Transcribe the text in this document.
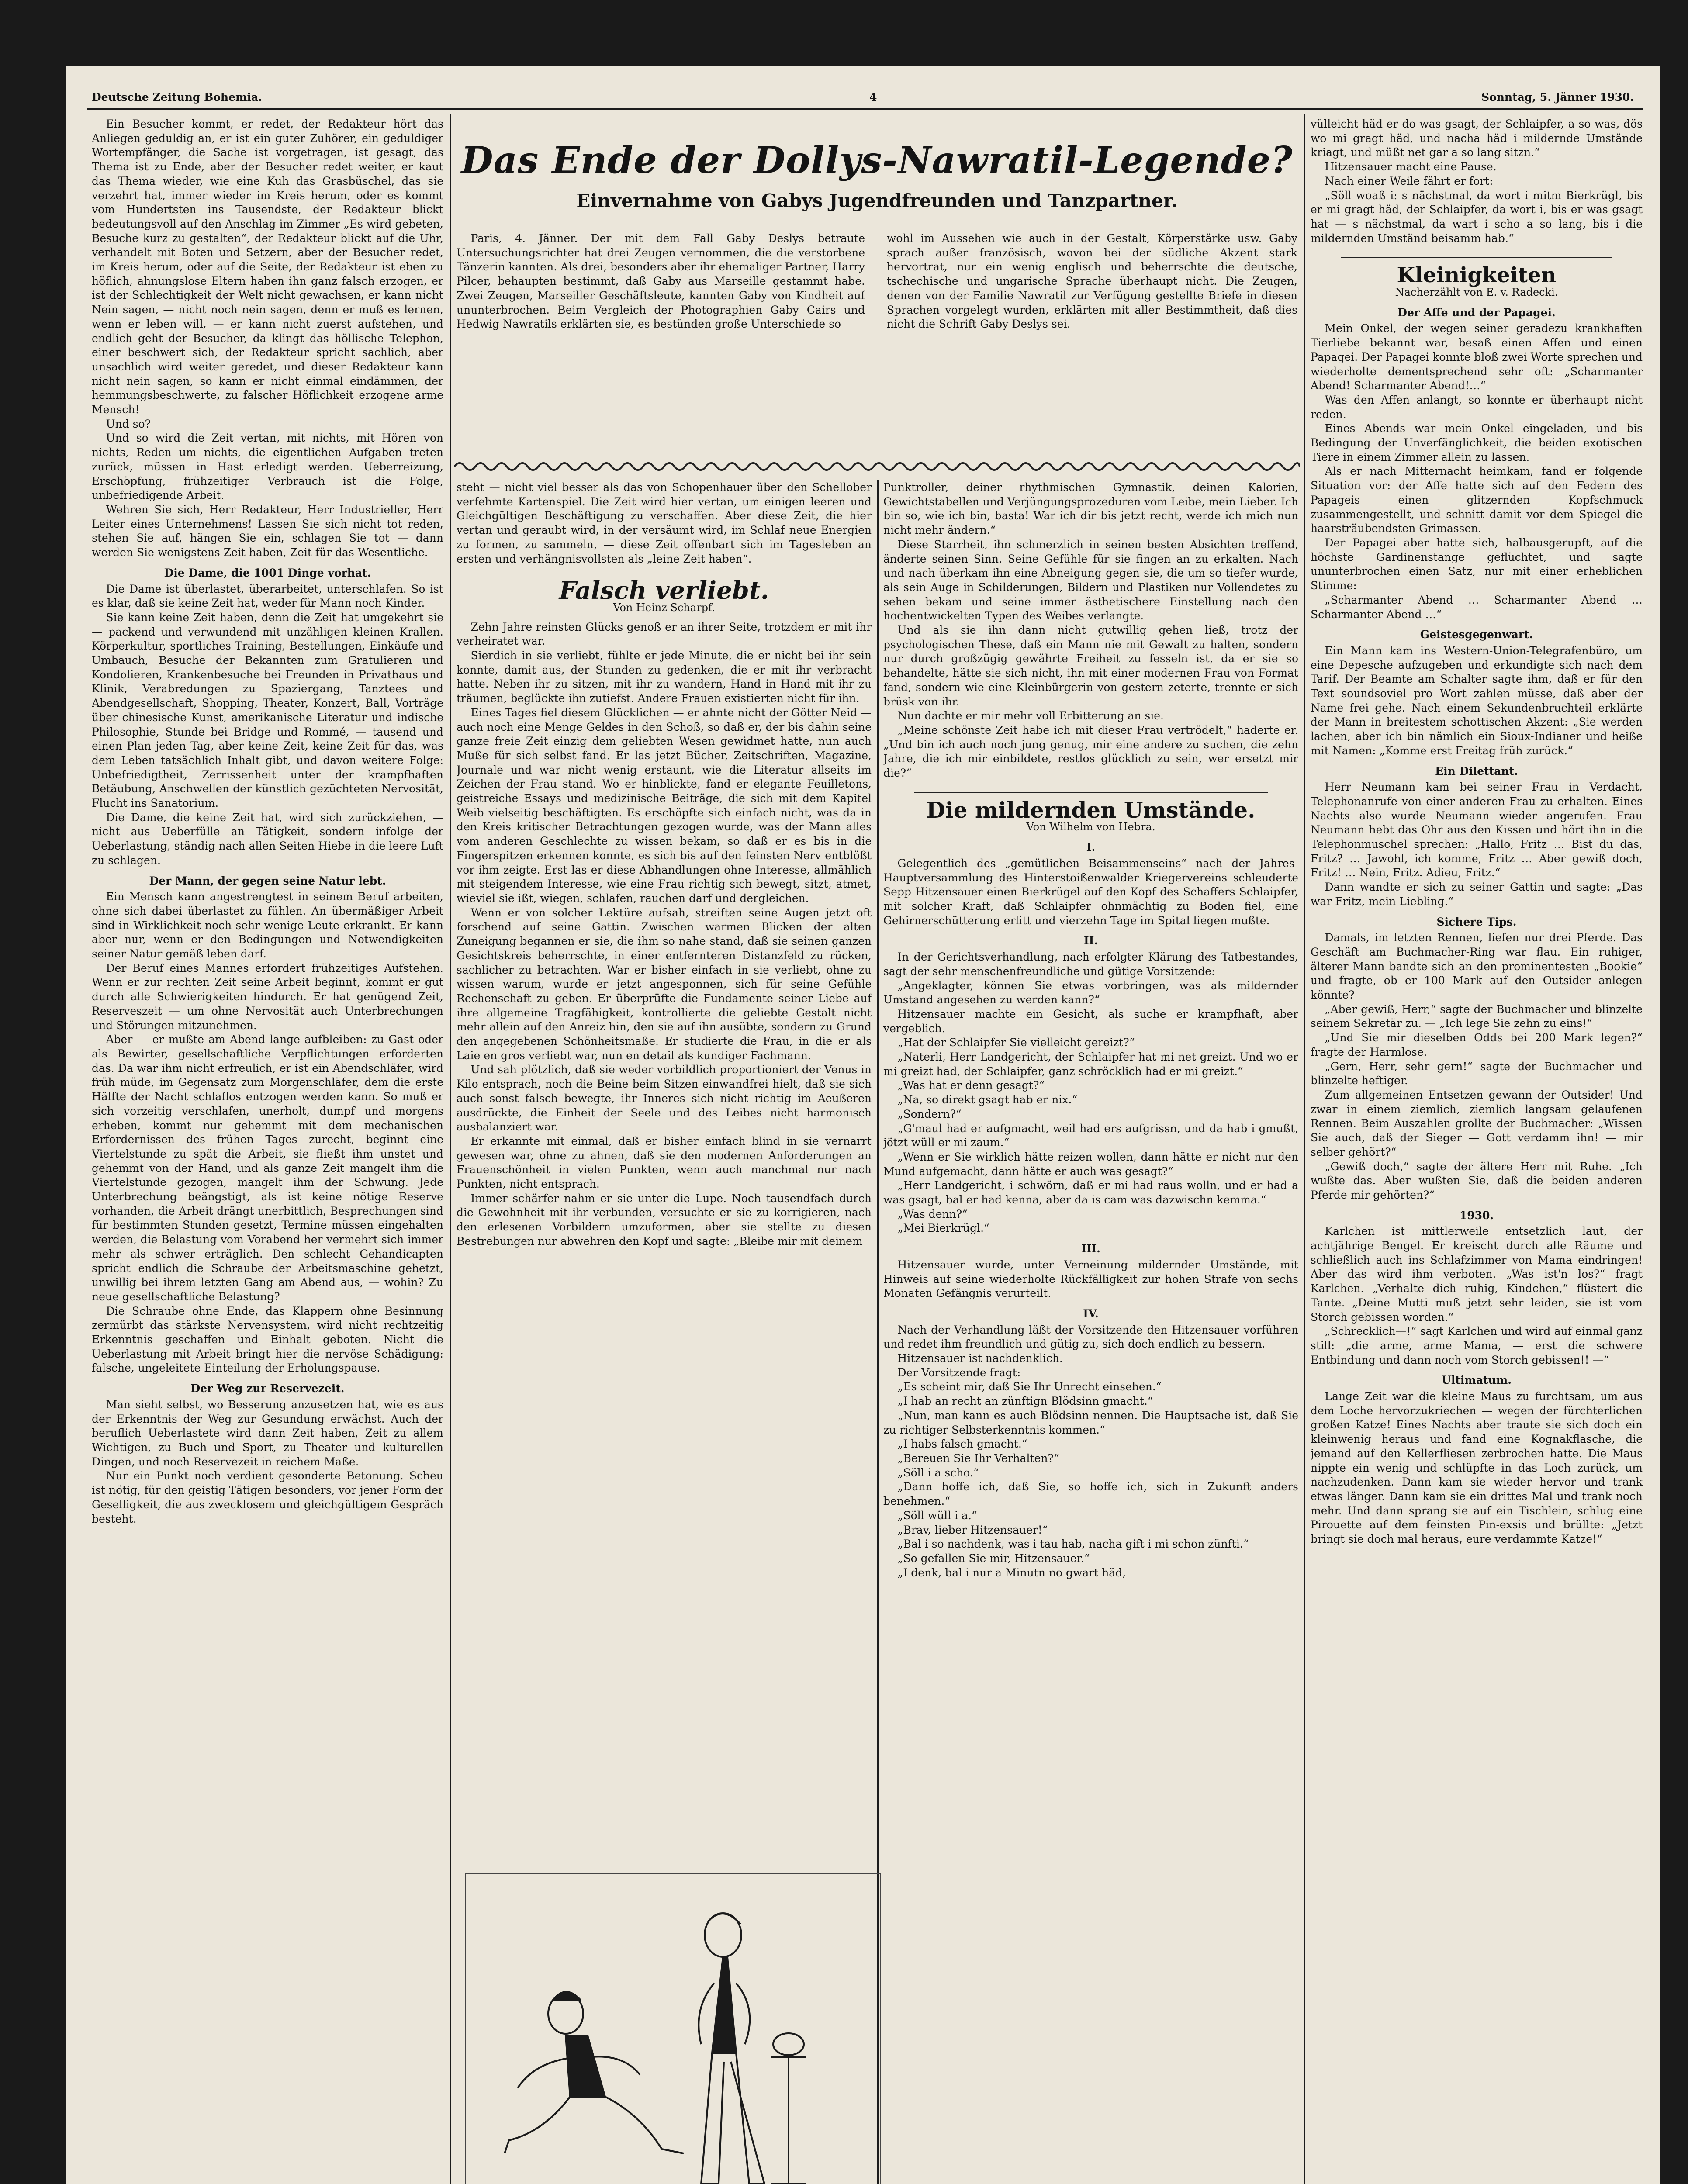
Deutsche Zeitung Bohemia.	4	Sonntag, 5. Jänner 1930.

Ein Besucher kommt, er redet, der Redakteur hört das Anliegen geduldig an, er ist ein guter Zuhörer, ein geduldiger Wortempfänger, die Sache ist vorgetragen, ist gesagt, das Thema ist zu Ende, aber der Besucher redet weiter, er kaut das Thema wieder, wie eine Kuh das Grasbüschel, das sie verzehrt hat, immer wieder im Kreis herum, oder es kommt vom Hundertsten ins Tausendste, der Redakteur blickt bedeutungsvoll auf den Anschlag im Zimmer „Es wird gebeten, Besuche kurz zu gestalten“, der Redakteur blickt auf die Uhr, verhandelt mit Boten und Setzern, aber der Besucher redet, im Kreis herum, oder auf die Seite, der Redakteur ist eben zu höflich, ahnungslose Eltern haben ihn ganz falsch erzogen, er ist der Schlechtigkeit der Welt nicht gewachsen, er kann nicht Nein sagen, — nicht noch nein sagen, denn er muß es lernen, wenn er leben will, — er kann nicht zuerst aufstehen, und endlich geht der Besucher, da klingt das höllische Telephon, einer beschwert sich, der Redakteur spricht sachlich, aber unsachlich wird weiter geredet, und dieser Redakteur kann nicht nein sagen, so kann er nicht einmal eindämmen, der hemmungsbeschwerte, zu falscher Höflichkeit erzogene arme Mensch!

Und so?

Und so wird die Zeit vertan, mit nichts, mit Hören von nichts, Reden um nichts, die eigentlichen Aufgaben treten zurück, müssen in Hast erledigt werden. Ueberreizung, Erschöpfung, frühzeitiger Verbrauch ist die Folge, unbefriedigende Arbeit.

Wehren Sie sich, Herr Redakteur, Herr Industrieller, Herr Leiter eines Unternehmens! Lassen Sie sich nicht tot reden, stehen Sie auf, hängen Sie ein, schlagen Sie tot — dann werden Sie wenigstens Zeit haben, Zeit für das Wesentliche.

Die Dame, die 1001 Dinge vorhat.

Die Dame ist überlastet, überarbeitet, unterschlafen. So ist es klar, daß sie keine Zeit hat, weder für Mann noch Kinder.

Sie kann keine Zeit haben, denn die Zeit hat umgekehrt sie — packend und verwundend mit unzähligen kleinen Krallen. Körperkultur, sportliches Training, Bestellungen, Einkäufe und Umbauch, Besuche der Bekannten zum Gratulieren und Kondolieren, Krankenbesuche bei Freunden in Privathaus und Klinik, Verabredungen zu Spaziergang, Tanztees und Abendgesellschaft, Shopping, Theater, Konzert, Ball, Vorträge über chinesische Kunst, amerikanische Literatur und indische Philosophie, Stunde bei Bridge und Rommé, — tausend und einen Plan jeden Tag, aber keine Zeit, keine Zeit für das, was dem Leben tatsächlich Inhalt gibt, und davon weitere Folge: Unbefriedigtheit, Zerrissenheit unter der krampfhaften Betäubung, Anschwellen der künstlich gezüchteten Nervosität, Flucht ins Sanatorium.

Die Dame, die keine Zeit hat, wird sich zurückziehen, — nicht aus Ueberfülle an Tätigkeit, sondern infolge der Ueberlastung, ständig nach allen Seiten Hiebe in die leere Luft zu schlagen.

Der Mann, der gegen seine Natur lebt.

Ein Mensch kann angestrengtest in seinem Beruf arbeiten, ohne sich dabei überlastet zu fühlen. An übermäßiger Arbeit sind in Wirklichkeit noch sehr wenige Leute erkrankt. Er kann aber nur, wenn er den Bedingungen und Notwendigkeiten seiner Natur gemäß leben darf.

Der Beruf eines Mannes erfordert frühzeitiges Aufstehen. Wenn er zur rechten Zeit seine Arbeit beginnt, kommt er gut durch alle Schwierigkeiten hindurch. Er hat genügend Zeit, Reserveszeit — um ohne Nervosität auch Unterbrechungen und Störungen mitzunehmen.

Aber — er mußte am Abend lange aufbleiben: zu Gast oder als Bewirter, gesellschaftliche Verpflichtungen erforderten das. Da war ihm nicht erfreulich, er ist ein Abendschläfer, wird früh müde, im Gegensatz zum Morgenschläfer, dem die erste Hälfte der Nacht schlaflos entzogen werden kann. So muß er sich vorzeitig verschlafen, unerholt, dumpf und morgens erheben, kommt nur gehemmt mit dem mechanischen Erfordernissen des frühen Tages zurecht, beginnt eine Viertelstunde zu spät die Arbeit, sie fließt ihm unstet und gehemmt von der Hand, und als ganze Zeit mangelt ihm die Viertelstunde gezogen, mangelt ihm der Schwung. Jede Unterbrechung beängstigt, als ist keine nötige Reserve vorhanden, die Arbeit drängt unerbittlich, Besprechungen sind für bestimmten Stunden gesetzt, Termine müssen eingehalten werden, die Belastung vom Vorabend her vermehrt sich immer mehr als schwer erträglich. Den schlecht Gehandicapten spricht endlich die Schraube der Arbeitsmaschine gehetzt, unwillig bei ihrem letzten Gang am Abend aus, — wohin? Zu neue gesellschaftliche Belastung?

Die Schraube ohne Ende, das Klappern ohne Besinnung zermürbt das stärkste Nervensystem, wird nicht rechtzeitig Erkenntnis geschaffen und Einhalt geboten. Nicht die Ueberlastung mit Arbeit bringt hier die nervöse Schädigung: falsche, ungeleitete Einteilung der Erholungspause.

Der Weg zur Reservezeit.

Man sieht selbst, wo Besserung anzusetzen hat, wie es aus der Erkenntnis der Weg zur Gesundung erwächst. Auch der beruflich Ueberlastete wird dann Zeit haben, Zeit zu allem Wichtigen, zu Buch und Sport, zu Theater und kulturellen Dingen, und noch Reservezeit in reichem Maße.

Nur ein Punkt noch verdient gesonderte Betonung. Scheu ist nötig, für den geistig Tätigen besonders, vor jener Form der Geselligkeit, die aus zwecklosem und gleichgültigem Gespräch besteht.

Das Ende der Dollys-Nawratil-Legende?
Einvernahme von Gabys Jugendfreunden und Tanzpartner.

Paris, 4. Jänner. Der mit dem Fall Gaby Deslys betraute Untersuchungsrichter hat drei Zeugen vernommen, die die verstorbene Tänzerin kannten. Als drei, besonders aber ihr ehemaliger Partner, Harry Pilcer, behaupten bestimmt, daß Gaby aus Marseille gestammt habe. Zwei Zeugen, Marseiller Geschäftsleute, kannten Gaby von Kindheit auf ununterbrochen. Beim Vergleich der Photographien Gaby Cairs und Hedwig Nawratils erklärten sie, es bestünden große Unterschiede so

wohl im Aussehen wie auch in der Gestalt, Körperstärke usw. Gaby sprach außer französisch, wovon bei der südliche Akzent stark hervortrat, nur ein wenig englisch und beherrschte die deutsche, tschechische und ungarische Sprache überhaupt nicht. Die Zeugen, denen von der Familie Nawratil zur Verfügung gestellte Briefe in diesen Sprachen vorgelegt wurden, erklärten mit aller Bestimmtheit, daß dies nicht die Schrift Gaby Deslys sei.

steht — nicht viel besser als das von Schopenhauer über den Schellober verfehmte Kartenspiel. Die Zeit wird hier vertan, um einigen leeren und Gleichgültigen Beschäftigung zu verschaffen. Aber diese Zeit, die hier vertan und geraubt wird, in der versäumt wird, im Schlaf neue Energien zu formen, zu sammeln, — diese Zeit offenbart sich im Tagesleben an ersten und verhängnisvollsten als „leine Zeit haben“.

Falsch verliebt.

Von Heinz Scharpf.

Zehn Jahre reinsten Glücks genoß er an ihrer Seite, trotzdem er mit ihr verheiratet war.

Sierdich in sie verliebt, fühlte er jede Minute, die er nicht bei ihr sein konnte, damit aus, der Stunden zu gedenken, die er mit ihr verbracht hatte. Neben ihr zu sitzen, mit ihr zu wandern, Hand in Hand mit ihr zu träumen, beglückte ihn zutiefst. Andere Frauen existierten nicht für ihn.

Eines Tages fiel diesem Glücklichen — er ahnte nicht der Götter Neid — auch noch eine Menge Geldes in den Schoß, so daß er, der bis dahin seine ganze freie Zeit einzig dem geliebten Wesen gewidmet hatte, nun auch Muße für sich selbst fand. Er las jetzt Bücher, Zeitschriften, Magazine, Journale und war nicht wenig erstaunt, wie die Literatur allseits im Zeichen der Frau stand. Wo er hinblickte, fand er elegante Feuilletons, geistreiche Essays und medizinische Beiträge, die sich mit dem Kapitel Weib vielseitig beschäftigten. Es erschöpfte sich einfach nicht, was da in den Kreis kritischer Betrachtungen gezogen wurde, was der Mann alles vom anderen Geschlechte zu wissen bekam, so daß er es bis in die Fingerspitzen erkennen konnte, es sich bis auf den feinsten Nerv entblößt vor ihm zeigte. Erst las er diese Abhandlungen ohne Interesse, allmählich mit steigendem Interesse, wie eine Frau richtig sich bewegt, sitzt, atmet, wieviel sie ißt, wiegen, schlafen, rauchen darf und dergleichen.

Wenn er von solcher Lektüre aufsah, streiften seine Augen jetzt oft forschend auf seine Gattin. Zwischen warmen Blicken der alten Zuneigung begannen er sie, die ihm so nahe stand, daß sie seinen ganzen Gesichtskreis beherrschte, in einer entfernteren Distanzfeld zu rücken, sachlicher zu betrachten. War er bisher einfach in sie verliebt, ohne zu wissen warum, wurde er jetzt angesponnen, sich für seine Gefühle Rechenschaft zu geben. Er überprüfte die Fundamente seiner Liebe auf ihre allgemeine Tragfähigkeit, kontrollierte die geliebte Gestalt nicht mehr allein auf den Anreiz hin, den sie auf ihn ausübte, sondern zu Grund den angegebenen Schönheitsmaße. Er studierte die Frau, in die er als Laie en gros verliebt war, nun en detail als kundiger Fachmann.

Und sah plötzlich, daß sie weder vorbildlich proportioniert der Venus in Kilo entsprach, noch die Beine beim Sitzen einwandfrei hielt, daß sie sich auch sonst falsch bewegte, ihr Inneres sich nicht richtig im Aeußeren ausdrückte, die Einheit der Seele und des Leibes nicht harmonisch ausbalanziert war.

Er erkannte mit einmal, daß er bisher einfach blind in sie vernarrt gewesen war, ohne zu ahnen, daß sie den modernen Anforderungen an Frauenschönheit in vielen Punkten, wenn auch manchmal nur nach Punkten, nicht entsprach.

Immer schärfer nahm er sie unter die Lupe. Noch tausendfach durch die Gewohnheit mit ihr verbunden, versuchte er sie zu korrigieren, nach den erlesenen Vorbildern umzuformen, aber sie stellte zu diesen Bestrebungen nur abwehren den Kopf und sagte: „Bleibe mir mit deinem

Punktroller, deiner rhythmischen Gymnastik, deinen Kalorien, Gewichtstabellen und Verjüngungsprozeduren vom Leibe, mein Lieber. Ich bin so, wie ich bin, basta! War ich dir bis jetzt recht, werde ich mich nun nicht mehr ändern.“

Diese Starrheit, ihn schmerzlich in seinen besten Absichten treffend, änderte seinen Sinn. Seine Gefühle für sie fingen an zu erkalten. Nach und nach überkam ihn eine Abneigung gegen sie, die um so tiefer wurde, als sein Auge in Schilderungen, Bildern und Plastiken nur Vollendetes zu sehen bekam und seine immer ästhetischere Einstellung nach den hochentwickelten Typen des Weibes verlangte.

Und als sie ihn dann nicht gutwillig gehen ließ, trotz der psychologischen These, daß ein Mann nie mit Gewalt zu halten, sondern nur durch großzügig gewährte Freiheit zu fesseln ist, da er sie so behandelte, hätte sie sich nicht, ihn mit einer modernen Frau von Format fand, sondern wie eine Kleinbürgerin von gestern zeterte, trennte er sich brüsk von ihr.

Nun dachte er mir mehr voll Erbitterung an sie.

„Meine schönste Zeit habe ich mit dieser Frau vertrödelt,“ haderte er. „Und bin ich auch noch jung genug, mir eine andere zu suchen, die zehn Jahre, die ich mir einbildete, restlos glücklich zu sein, wer ersetzt mir die?“

Die mildernden Umstände.

Von Wilhelm von Hebra.

I.

Gelegentlich des „gemütlichen Beisammenseins“ nach der Jahres-Hauptversammlung des Hinterstoißenwalder Kriegervereins schleuderte Sepp Hitzensauer einen Bierkrügel auf den Kopf des Schaffers Schlaipfer, mit solcher Kraft, daß Schlaipfer ohnmächtig zu Boden fiel, eine Gehirnerschütterung erlitt und vierzehn Tage im Spital liegen mußte.

II.

In der Gerichtsverhandlung, nach erfolgter Klärung des Tatbestandes, sagt der sehr menschenfreundliche und gütige Vorsitzende:

„Angeklagter, können Sie etwas vorbringen, was als mildernder Umstand angesehen zu werden kann?“

Hitzensauer machte ein Gesicht, als suche er krampfhaft, aber vergeblich.

„Hat der Schlaipfer Sie vielleicht gereizt?“

„Naterli, Herr Landgericht, der Schlaipfer hat mi net greizt. Und wo er mi greizt had, der Schlaipfer, ganz schröcklich had er mi greizt.“

„Was hat er denn gesagt?“

„Na, so direkt gsagt hab er nix.“

„Sondern?“

„G'maul had er aufgmacht, weil had ers aufgrissn, und da hab i gmußt, jötzt wüll er mi zaum.“

„Wenn er Sie wirklich hätte reizen wollen, dann hätte er nicht nur den Mund aufgemacht, dann hätte er auch was gesagt?“

„Herr Landgericht, i schwörn, daß er mi had raus wolln, und er had a was gsagt, bal er had kenna, aber da is cam was dazwischn kemma.“

„Was denn?“

„Mei Bierkrügl.“

III.

Hitzensauer wurde, unter Verneinung mildernder Umstände, mit Hinweis auf seine wiederholte Rückfälligkeit zur hohen Strafe von sechs Monaten Gefängnis verurteilt.

IV.

Nach der Verhandlung läßt der Vorsitzende den Hitzensauer vorführen und redet ihm freundlich und gütig zu, sich doch endlich zu bessern.

Hitzensauer ist nachdenklich.

Der Vorsitzende fragt:

„Es scheint mir, daß Sie Ihr Unrecht einsehen.“

„I hab an recht an zünftign Blödsinn gmacht.“

„Nun, man kann es auch Blödsinn nennen. Die Hauptsache ist, daß Sie zu richtiger Selbsterkenntnis kommen.“

„I habs falsch gmacht.“

„Bereuen Sie Ihr Verhalten?“

„Söll i a scho.“

„Dann hoffe ich, daß Sie, so hoffe ich, sich in Zukunft anders benehmen.“

„Söll wüll i a.“

„Brav, lieber Hitzensauer!“

„Bal i so nachdenk, was i tau hab, nacha gift i mi schon zünfti.“

„So gefallen Sie mir, Hitzensauer.“

„I denk, bal i nur a Minutn no gwart häd,

vülleicht häd er do was gsagt, der Schlaipfer, a so was, dös wo mi gragt häd, und nacha häd i mildernde Umstände kriagt, und müßt net gar a so lang sitzn.“

Hitzensauer macht eine Pause.

Nach einer Weile fährt er fort:

„Söll woaß i: s nächstmal, da wort i mitm Bierkrügl, bis er mi gragt häd, der Schlaipfer, da wort i, bis er was gsagt hat — s nächstmal, da wart i scho a so lang, bis i die mildernden Umständ beisamm hab.“

Kleinigkeiten

Nacherzählt von E. v. Radecki.

Der Affe und der Papagei.

Mein Onkel, der wegen seiner geradezu krankhaften Tierliebe bekannt war, besaß einen Affen und einen Papagei. Der Papagei konnte bloß zwei Worte sprechen und wiederholte dementsprechend sehr oft: „Scharmanter Abend! Scharmanter Abend!…“

Was den Affen anlangt, so konnte er überhaupt nicht reden.

Eines Abends war mein Onkel eingeladen, und bis Bedingung der Unverfänglichkeit, die beiden exotischen Tiere in einem Zimmer allein zu lassen.

Als er nach Mitternacht heimkam, fand er folgende Situation vor: der Affe hatte sich auf den Federn des Papageis einen glitzernden Kopfschmuck zusammengestellt, und schnitt damit vor dem Spiegel die haarsträubendsten Grimassen.

Der Papagei aber hatte sich, halbausgerupft, auf die höchste Gardinenstange geflüchtet, und sagte ununterbrochen einen Satz, nur mit einer erheblichen Stimme:

„Scharmanter Abend … Scharmanter Abend … Scharmanter Abend …“

Geistesgegenwart.

Ein Mann kam ins Western-Union-Telegrafenbüro, um eine Depesche aufzugeben und erkundigte sich nach dem Tarif. Der Beamte am Schalter sagte ihm, daß er für den Text soundsoviel pro Wort zahlen müsse, daß aber der Name frei gehe. Nach einem Sekundenbruchteil erklärte der Mann in breitestem schottischen Akzent: „Sie werden lachen, aber ich bin nämlich ein Sioux-Indianer und heiße mit Namen: „Komme erst Freitag früh zurück.“

Ein Dilettant.

Herr Neumann kam bei seiner Frau in Verdacht, Telephonanrufe von einer anderen Frau zu erhalten. Eines Nachts also wurde Neumann wieder angerufen. Frau Neumann hebt das Ohr aus den Kissen und hört ihn in die Telephonmuschel sprechen: „Hallo, Fritz … Bist du das, Fritz? … Jawohl, ich komme, Fritz … Aber gewiß doch, Fritz! … Nein, Fritz. Adieu, Fritz.“

Dann wandte er sich zu seiner Gattin und sagte: „Das war Fritz, mein Liebling.“

Sichere Tips.

Damals, im letzten Rennen, liefen nur drei Pferde. Das Geschäft am Buchmacher-Ring war flau. Ein ruhiger, älterer Mann bandte sich an den prominentesten „Bookie“ und fragte, ob er 100 Mark auf den Outsider anlegen könnte?

„Aber gewiß, Herr,“ sagte der Buchmacher und blinzelte seinem Sekretär zu. — „Ich lege Sie zehn zu eins!“

„Und Sie mir dieselben Odds bei 200 Mark legen?“ fragte der Harmlose.

„Gern, Herr, sehr gern!“ sagte der Buchmacher und blinzelte heftiger.

Zum allgemeinen Entsetzen gewann der Outsider! Und zwar in einem ziemlich, ziemlich langsam gelaufenen Rennen. Beim Auszahlen grollte der Buchmacher: „Wissen Sie auch, daß der Sieger — Gott verdamm ihn! — mir selber gehört?“

„Gewiß doch,“ sagte der ältere Herr mit Ruhe. „Ich wußte das. Aber wußten Sie, daß die beiden anderen Pferde mir gehörten?“

1930.

Karlchen ist mittlerweile entsetzlich laut, der achtjährige Bengel. Er kreischt durch alle Räume und schließlich auch ins Schlafzimmer von Mama eindringen! Aber das wird ihm verboten. „Was ist'n los?“ fragt Karlchen. „Verhalte dich ruhig, Kindchen,“ flüstert die Tante. „Deine Mutti muß jetzt sehr leiden, sie ist vom Storch gebissen worden.“

„Schrecklich—!“ sagt Karlchen und wird auf einmal ganz still: „die arme, arme Mama, — erst die schwere Entbindung und dann noch vom Storch gebissen!! —“

Ultimatum.

Lange Zeit war die kleine Maus zu furchtsam, um aus dem Loche hervorzukriechen — wegen der fürchterlichen großen Katze! Eines Nachts aber traute sie sich doch ein kleinwenig heraus und fand eine Kognakflasche, die jemand auf den Kellerfliesen zerbrochen hatte. Die Maus nippte ein wenig und schlüpfte in das Loch zurück, um nachzudenken. Dann kam sie wieder hervor und trank etwas länger. Dann kam sie ein drittes Mal und trank noch mehr. Und dann sprang sie auf ein Tischlein, schlug eine Pirouette auf dem feinsten Pin-exsis und brüllte: „Jetzt bringt sie doch mal heraus, eure verdammte Katze!“
